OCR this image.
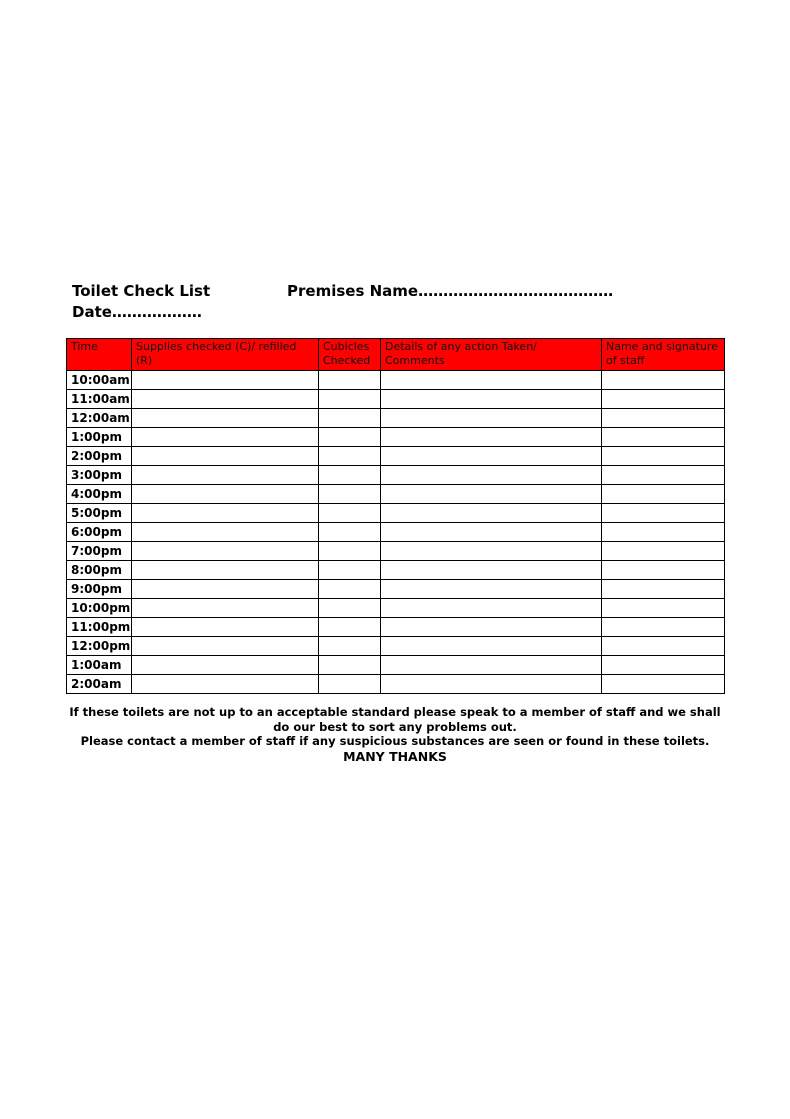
Toilet Check List	Premises Name…………………………………
Date………………
Time	Supplies checked (C)/ refilled (R)	Cubicles Checked	Details of any action Taken/ Comments	Name and signature of staff
10:00am				
11:00am				
12:00am				
1:00pm				
2:00pm				
3:00pm				
4:00pm				
5:00pm				
6:00pm				
7:00pm				
8:00pm				
9:00pm				
10:00pm				
11:00pm				
12:00pm				
1:00am				
2:00am				
If these toilets are not up to an acceptable standard please speak to a member of staff and we shall do our best to sort any problems out.
Please contact a member of staff if any suspicious substances are seen or found in these toilets.
MANY THANKS
